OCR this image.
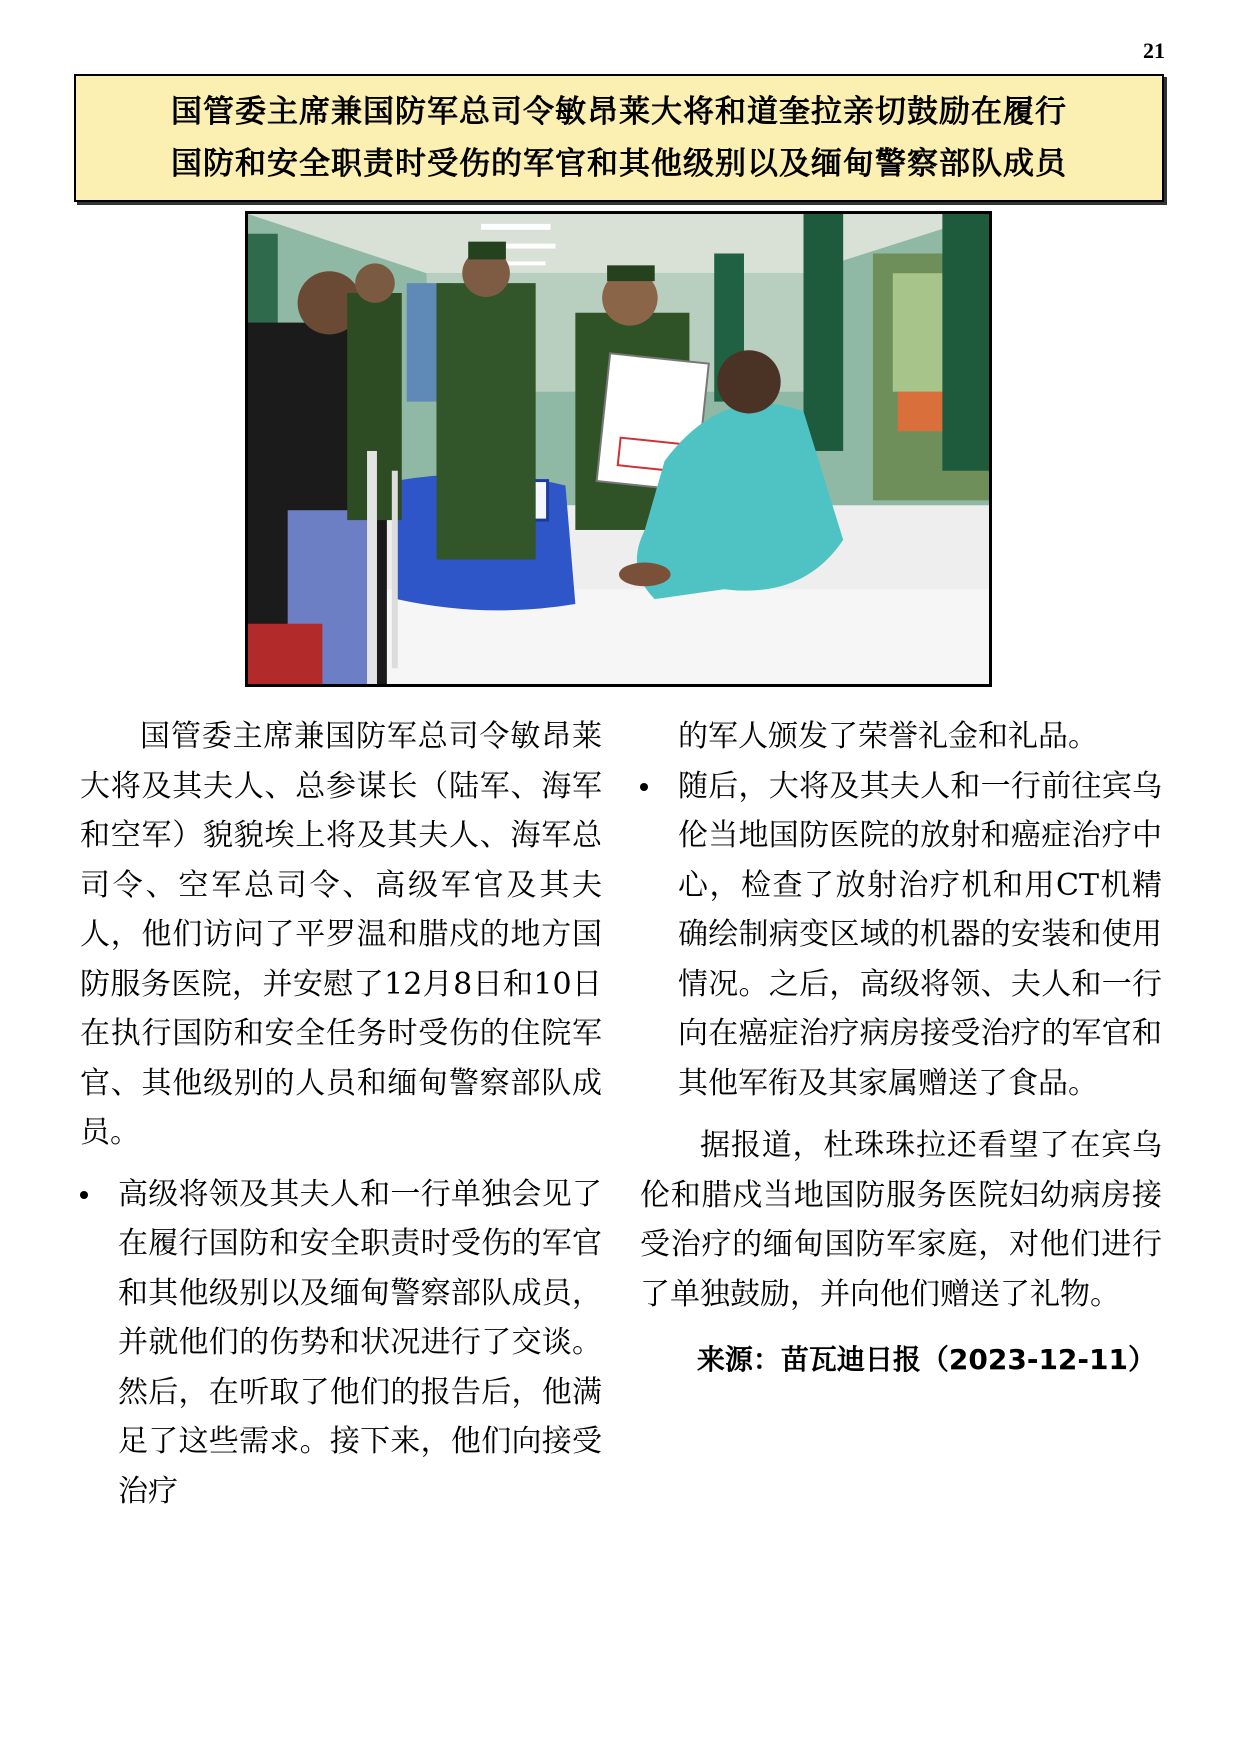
21
国管委主席兼国防军总司令敏昂莱大将和道奎拉亲切鼓励在履行
国防和安全职责时受伤的军官和其他级别以及缅甸警察部队成员

国管委主席兼国防军总司令敏昂莱大将及其夫人、总参谋长（陆军、海军和空军）貌貌埃上将及其夫人、海军总司令、空军总司令、高级军官及其夫人，他们访问了平罗温和腊戍的地方国防服务医院，并安慰了12月8日和10日在执行国防和安全任务时受伤的住院军官、其他级别的人员和缅甸警察部队成员。

高级将领及其夫人和一行单独会见了在履行国防和安全职责时受伤的军官和其他级别以及缅甸警察部队成员，并就他们的伤势和状况进行了交谈。然后，在听取了他们的报告后，他满足了这些需求。接下来，他们向接受治疗

的军人颁发了荣誉礼金和礼品。

随后，大将及其夫人和一行前往宾乌伦当地国防医院的放射和癌症治疗中心，检查了放射治疗机和用CT机精确绘制病变区域的机器的安装和使用情况。之后，高级将领、夫人和一行向在癌症治疗病房接受治疗的军官和其他军衔及其家属赠送了食品。

据报道，杜珠珠拉还看望了在宾乌伦和腊戍当地国防服务医院妇幼病房接受治疗的缅甸国防军家庭，对他们进行了单独鼓励，并向他们赠送了礼物。

来源：苗瓦迪日报（2023-12-11）
